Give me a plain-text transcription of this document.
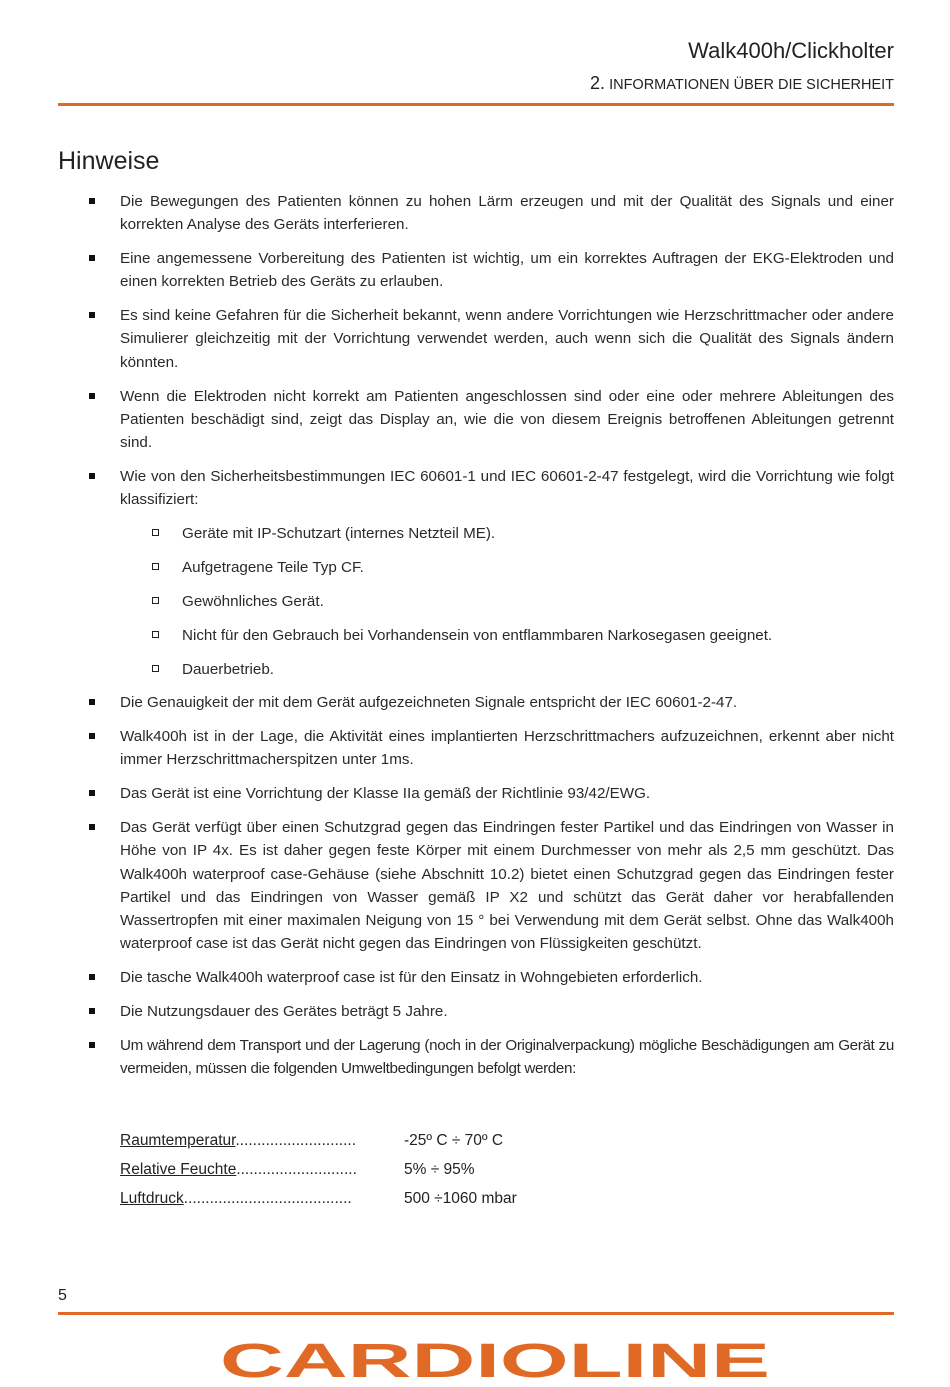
Walk400h/Clickholter
2. INFORMATIONEN ÜBER DIE SICHERHEIT
Hinweise
Die Bewegungen des Patienten können zu hohen Lärm erzeugen und mit der Qualität des Signals und einer korrekten Analyse des Geräts interferieren.
Eine angemessene Vorbereitung des Patienten ist wichtig, um ein korrektes Auftragen der EKG-Elektroden und einen korrekten Betrieb des Geräts zu erlauben.
Es sind keine Gefahren für die Sicherheit bekannt, wenn andere Vorrichtungen wie Herzschrittmacher oder andere Simulierer gleichzeitig mit der Vorrichtung verwendet werden, auch wenn sich die Qualität des Signals ändern könnten.
Wenn die Elektroden nicht korrekt am Patienten angeschlossen sind oder eine oder mehrere Ableitungen des Patienten beschädigt sind, zeigt das Display an, wie die von diesem Ereignis betroffenen Ableitungen getrennt sind.
Wie von den Sicherheitsbestimmungen IEC 60601-1 und IEC 60601-2-47 festgelegt, wird die Vorrichtung wie folgt klassifiziert:
Geräte mit IP-Schutzart (internes Netzteil ME).
Aufgetragene Teile Typ CF.
Gewöhnliches Gerät.
Nicht für den Gebrauch bei Vorhandensein von entflammbaren Narkosegasen geeignet.
Dauerbetrieb.
Die Genauigkeit der mit dem Gerät aufgezeichneten Signale entspricht der IEC 60601-2-47.
Walk400h ist in der Lage, die Aktivität eines implantierten Herzschrittmachers aufzuzeichnen, erkennt aber nicht immer Herzschrittmacherspitzen unter 1ms.
Das Gerät ist eine Vorrichtung der Klasse IIa gemäß der Richtlinie 93/42/EWG.
Das Gerät verfügt über einen Schutzgrad gegen das Eindringen fester Partikel und das Eindringen von Wasser in Höhe von IP 4x. Es ist daher gegen feste Körper mit einem Durchmesser von mehr als 2,5 mm geschützt. Das Walk400h waterproof case-Gehäuse (siehe Abschnitt 10.2) bietet einen Schutzgrad gegen das Eindringen fester Partikel und das Eindringen von Wasser gemäß IP X2 und schützt das Gerät daher vor herabfallenden Wassertropfen mit einer maximalen Neigung von 15 ° bei Verwendung mit dem Gerät selbst. Ohne das Walk400h waterproof case ist das Gerät nicht gegen das Eindringen von Flüssigkeiten geschützt.
Die tasche Walk400h waterproof case ist für den Einsatz in Wohngebieten erforderlich.
Die Nutzungsdauer des Gerätes beträgt 5 Jahre.
Um während dem Transport und der Lagerung (noch in der Originalverpackung) mögliche Beschädigungen am Gerät zu vermeiden, müssen die folgenden Umweltbedingungen befolgt werden:
Raumtemperatur............................	-25º C ÷ 70º C
Relative Feuchte............................	5% ÷ 95%
Luftdruck.......................................	500 ÷1060 mbar
5
CARDIOLINE
